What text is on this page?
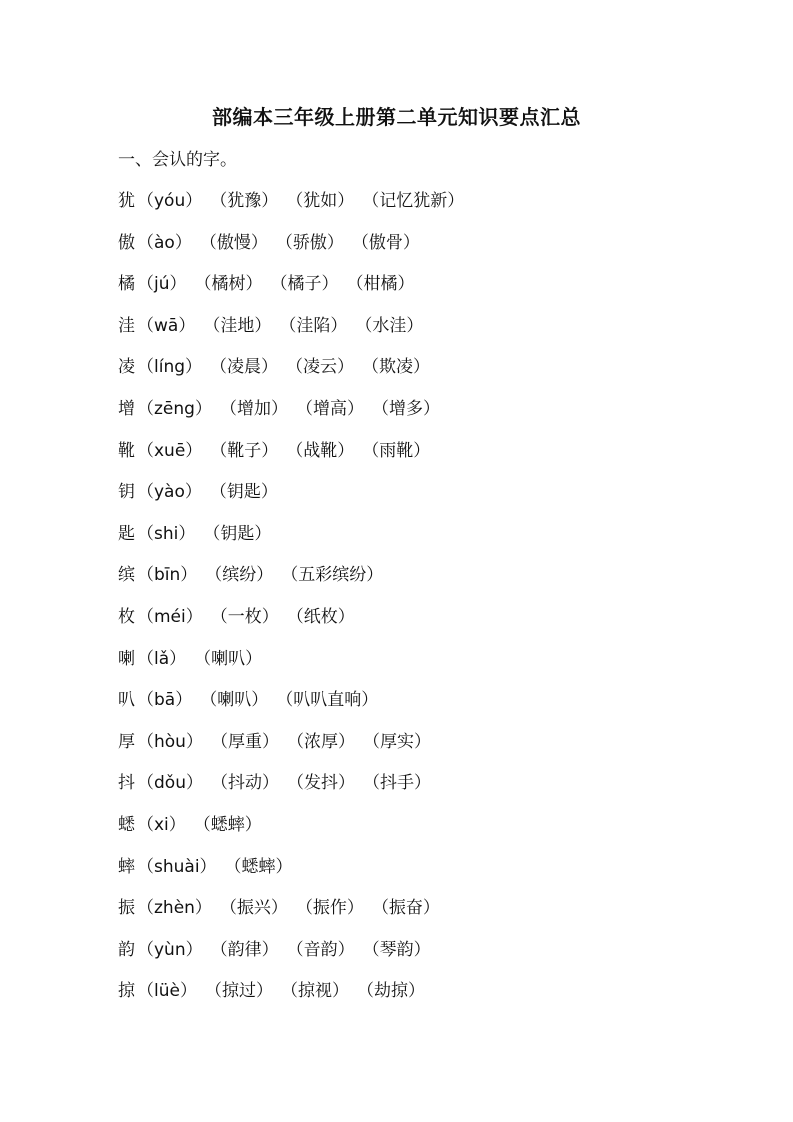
部编本三年级上册第二单元知识要点汇总
一、会认的字。
犹 （yóu） （犹豫） （犹如） （记忆犹新）
傲 （ào） （傲慢） （骄傲） （傲骨）
橘 （jú） （橘树） （橘子） （柑橘）
洼 （wā） （洼地） （洼陷） （水洼）
凌 （líng） （凌晨） （凌云） （欺凌）
增 （zēng） （增加） （增高） （增多）
靴 （xuē） （靴子） （战靴） （雨靴）
钥 （yào） （钥匙）
匙 （shi） （钥匙）
缤 （bīn） （缤纷） （五彩缤纷）
枚 （méi） （一枚） （纸枚）
喇 （lǎ） （喇叭）
叭 （bā） （喇叭） （叭叭直响）
厚 （hòu） （厚重） （浓厚） （厚实）
抖 （dǒu） （抖动） （发抖） （抖手）
蟋 （xi） （蟋蟀）
蟀 （shuài） （蟋蟀）
振 （zhèn） （振兴） （振作） （振奋）
韵 （yùn） （韵律） （音韵） （琴韵）
掠 （lüè） （掠过） （掠视） （劫掠）
